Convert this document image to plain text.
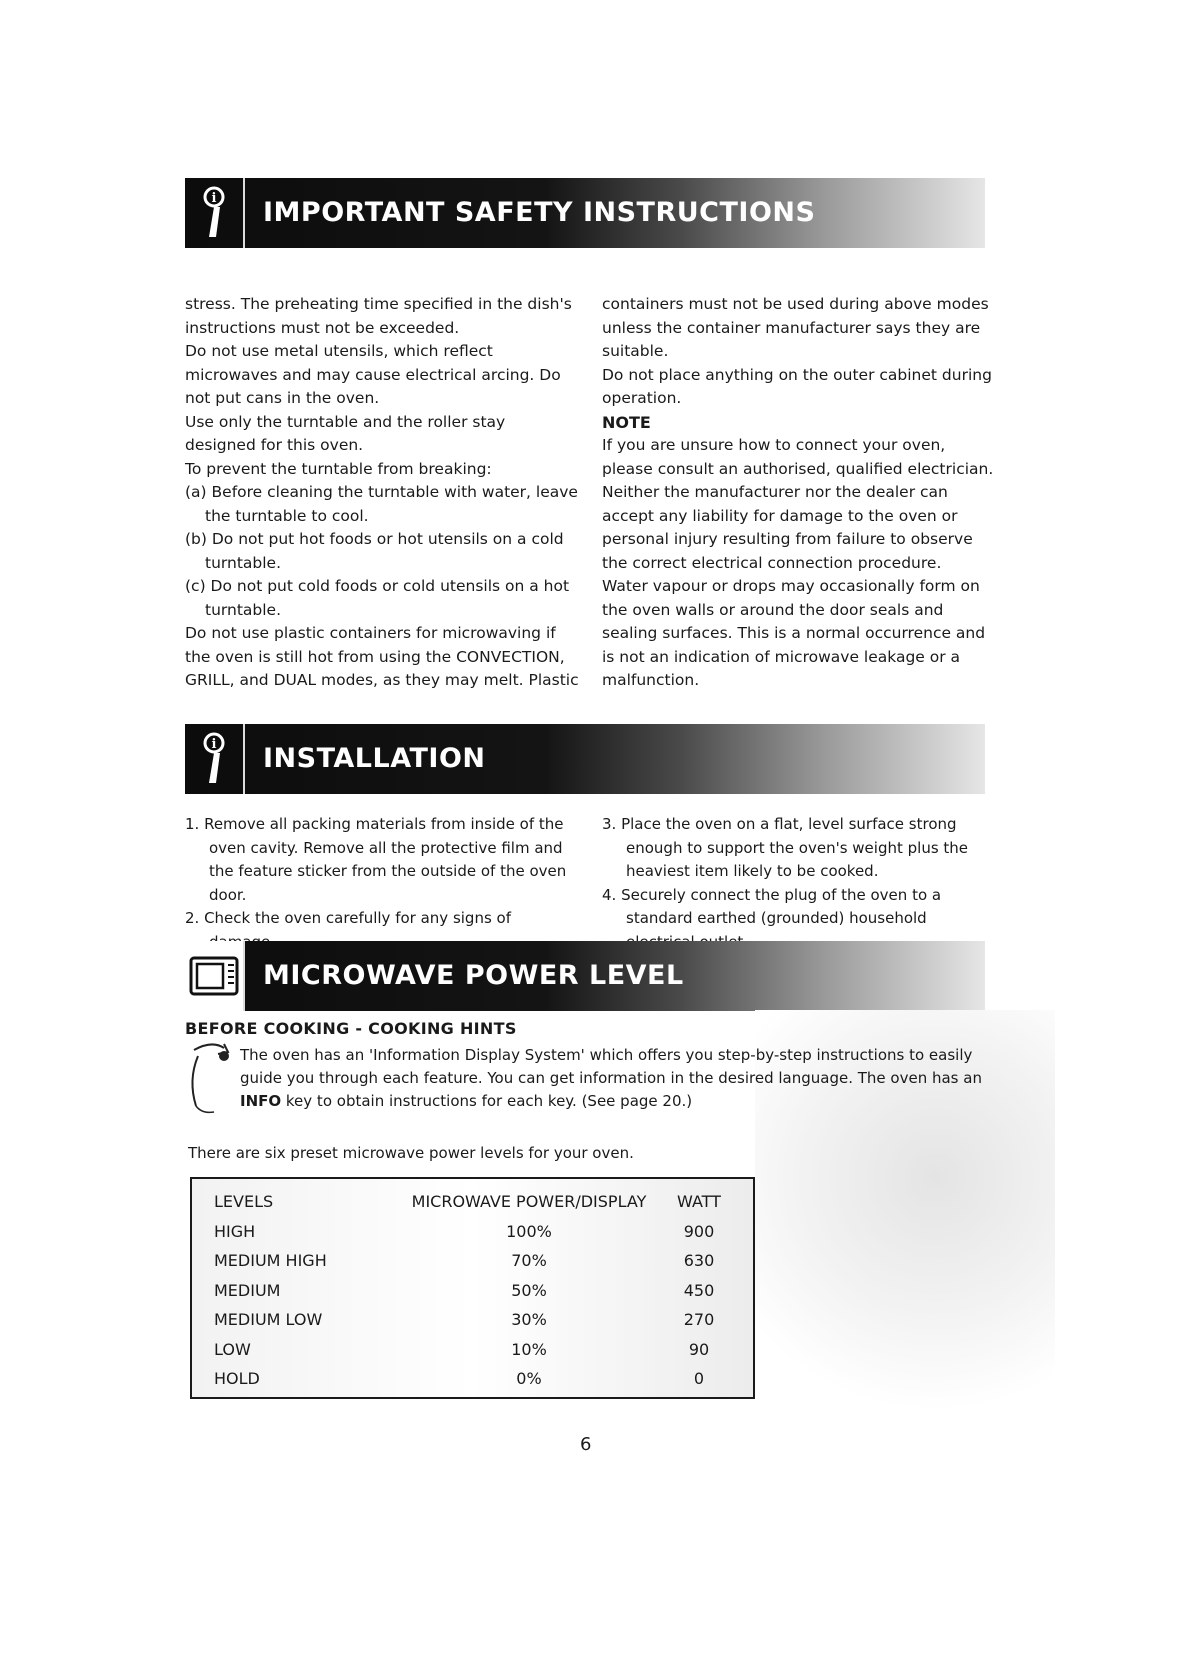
i IMPORTANT SAFETY INSTRUCTIONS

stress. The preheating time specified in the dish's instructions must not be exceeded.

Do not use metal utensils, which reflect microwaves and may cause electrical arcing. Do not put cans in the oven.

Use only the turntable and the roller stay designed for this oven.

To prevent the turntable from breaking:

(a) Before cleaning the turntable with water, leave the turntable to cool.

(b) Do not put hot foods or hot utensils on a cold turntable.

(c) Do not put cold foods or cold utensils on a hot turntable.

Do not use plastic containers for microwaving if the oven is still hot from using the CONVECTION, GRILL, and DUAL modes, as they may melt. Plastic

containers must not be used during above modes unless the container manufacturer says they are suitable.

Do not place anything on the outer cabinet during operation.

NOTE

If you are unsure how to connect your oven, please consult an authorised, qualified electrician.

Neither the manufacturer nor the dealer can accept any liability for damage to the oven or personal injury resulting from failure to observe the correct electrical connection procedure.

Water vapour or drops may occasionally form on the oven walls or around the door seals and sealing surfaces. This is a normal occurrence and is not an indication of microwave leakage or a malfunction.

i INSTALLATION

1. Remove all packing materials from inside of the oven cavity. Remove all the protective film and the feature sticker from the outside of the oven door.

2. Check the oven carefully for any signs of

3. Place the oven on a flat, level surface strong enough to support the oven's weight plus the heaviest item likely to be cooked.

4. Securely connect the plug of the oven to a standard earthed (grounded) household

MICROWAVE POWER LEVEL
BEFORE COOKING - COOKING HINTS
The oven has an 'Information Display System' which offers you step-by-step instructions to easily guide you through each feature. You can get information in the desired language. The oven has an INFO key to obtain instructions for each key. (See page 20.)
There are six preset microwave power levels for your oven.
LEVELS	MICROWAVE POWER/DISPLAY	WATT
HIGH	100%	900
MEDIUM HIGH	70%	630
MEDIUM	50%	450
MEDIUM LOW	30%	270
LOW	10%	90
HOLD	0%	0
6
